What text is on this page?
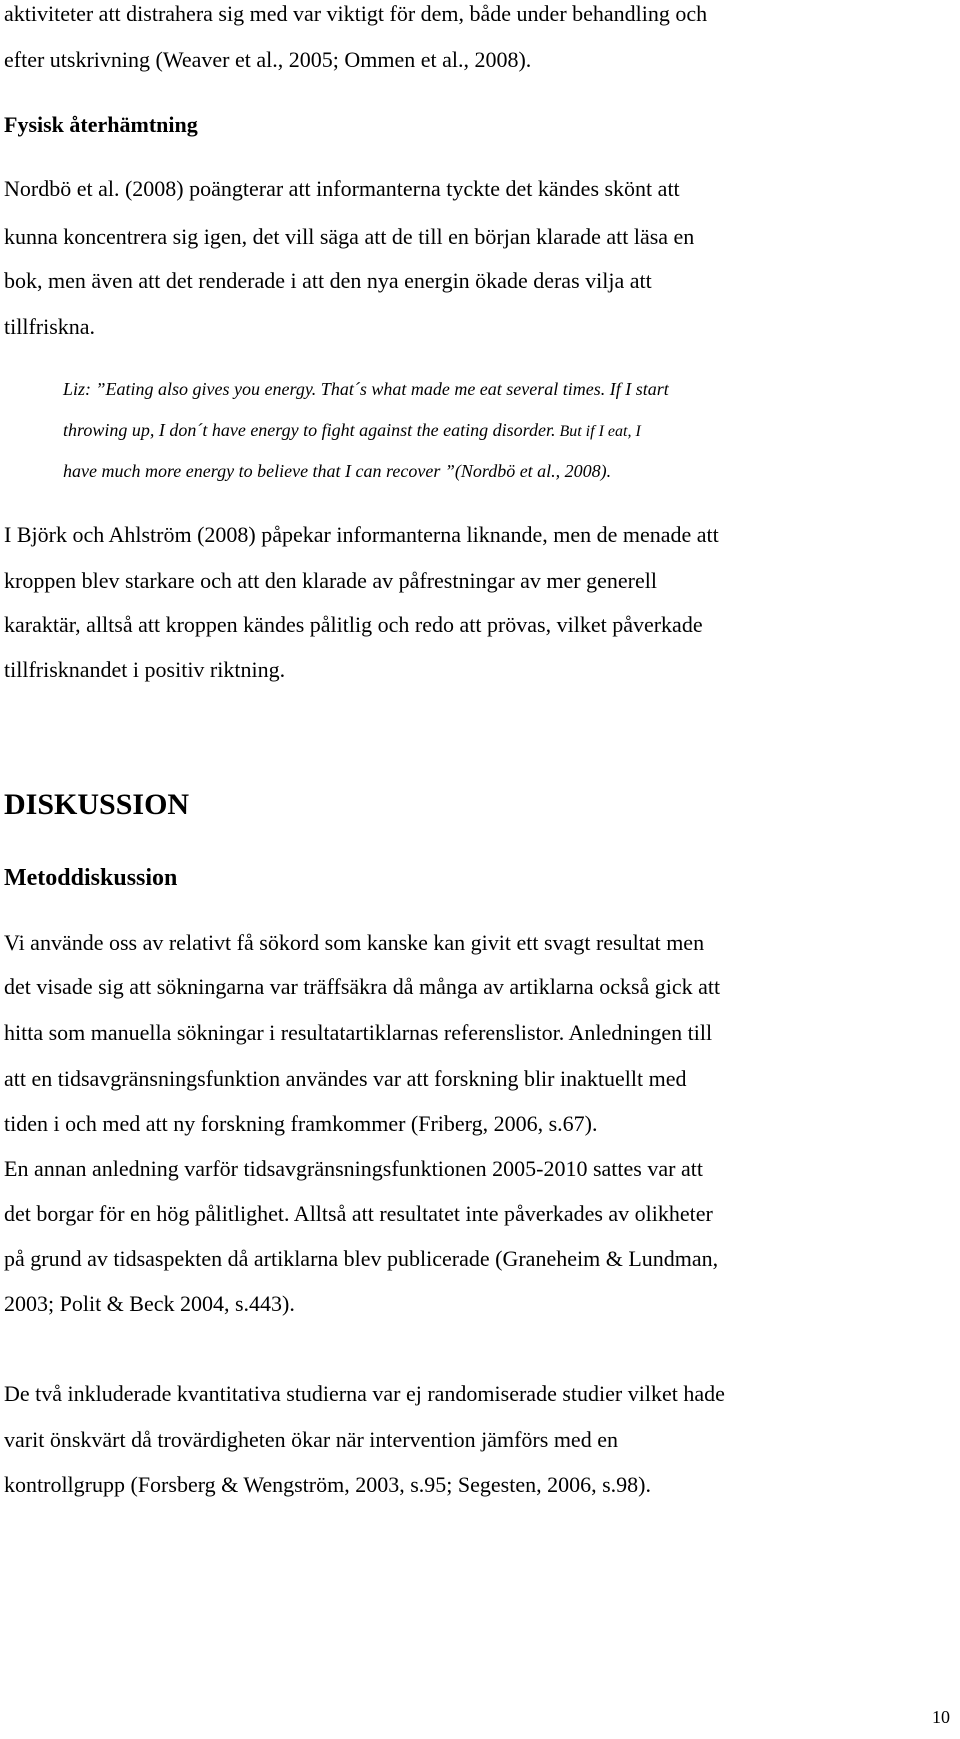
aktiviteter att distrahera sig med var viktigt för dem, både under behandling och
efter utskrivning (Weaver et al., 2005; Ommen et al., 2008).
Fysisk återhämtning
Nordbö et al. (2008) poängterar att informanterna tyckte det kändes skönt att
kunna koncentrera sig igen, det vill säga att de till en början klarade att läsa en
bok, men även att det renderade i att den nya energin ökade deras vilja att
tillfriskna.
Liz: ”Eating also gives you energy. That´s what made me eat several times. If I start
throwing up, I don´t have energy to fight against the eating disorder. But if I eat, I
have much more energy to believe that I can recover ”(Nordbö et al., 2008).
I Björk och Ahlström (2008) påpekar informanterna liknande, men de menade att
kroppen blev starkare och att den klarade av påfrestningar av mer generell
karaktär, alltså att kroppen kändes pålitlig och redo att prövas, vilket påverkade
tillfrisknandet i positiv riktning.
DISKUSSION
Metoddiskussion
Vi använde oss av relativt få sökord som kanske kan givit ett svagt resultat men
det visade sig att sökningarna var träffsäkra då många av artiklarna också gick att
hitta som manuella sökningar i resultatartiklarnas referenslistor. Anledningen till
att en tidsavgränsningsfunktion användes var att forskning blir inaktuellt med
tiden i och med att ny forskning framkommer (Friberg, 2006, s.67).
En annan anledning varför tidsavgränsningsfunktionen 2005-2010 sattes var att
det borgar för en hög pålitlighet. Alltså att resultatet inte påverkades av olikheter
på grund av tidsaspekten då artiklarna blev publicerade (Graneheim & Lundman,
2003; Polit & Beck 2004, s.443).
De två inkluderade kvantitativa studierna var ej randomiserade studier vilket hade
varit önskvärt då trovärdigheten ökar när intervention jämförs med en
kontrollgrupp (Forsberg & Wengström, 2003, s.95; Segesten, 2006, s.98).
10
